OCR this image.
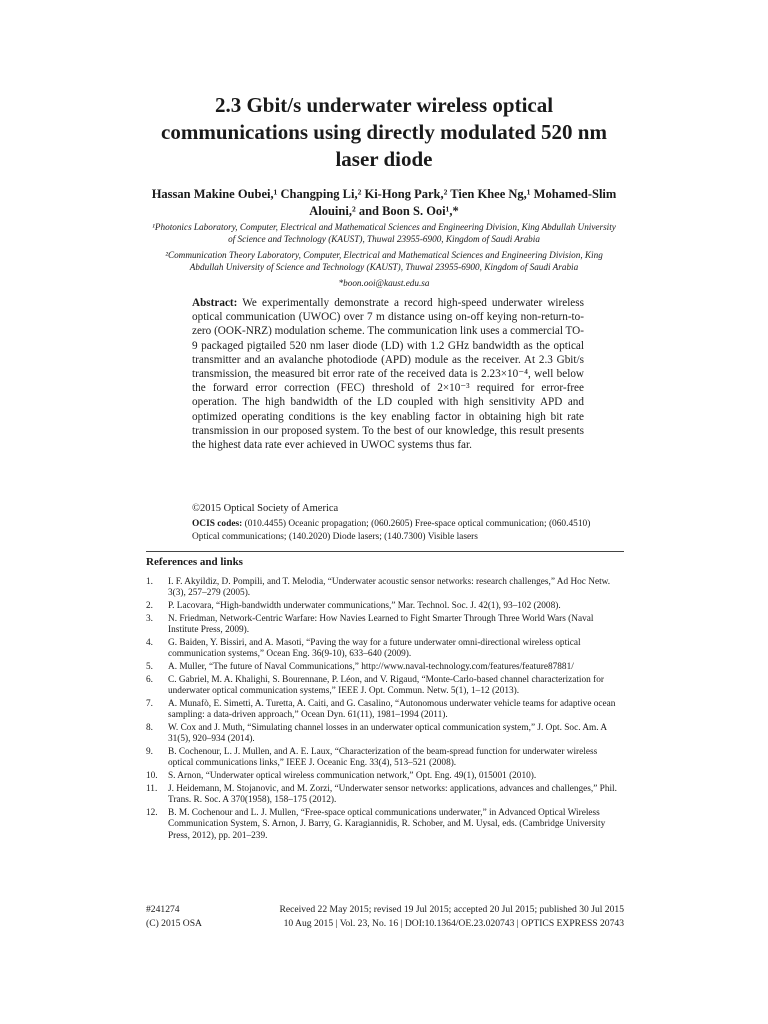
2.3 Gbit/s underwater wireless optical communications using directly modulated 520 nm laser diode
Hassan Makine Oubei,¹ Changping Li,² Ki-Hong Park,² Tien Khee Ng,¹ Mohamed-Slim Alouini,² and Boon S. Ooi¹,*
¹Photonics Laboratory, Computer, Electrical and Mathematical Sciences and Engineering Division, King Abdullah University of Science and Technology (KAUST), Thuwal 23955-6900, Kingdom of Saudi Arabia
²Communication Theory Laboratory, Computer, Electrical and Mathematical Sciences and Engineering Division, King Abdullah University of Science and Technology (KAUST), Thuwal 23955-6900, Kingdom of Saudi Arabia
*boon.ooi@kaust.edu.sa
Abstract: We experimentally demonstrate a record high-speed underwater wireless optical communication (UWOC) over 7 m distance using on-off keying non-return-to-zero (OOK-NRZ) modulation scheme. The communication link uses a commercial TO-9 packaged pigtailed 520 nm laser diode (LD) with 1.2 GHz bandwidth as the optical transmitter and an avalanche photodiode (APD) module as the receiver. At 2.3 Gbit/s transmission, the measured bit error rate of the received data is 2.23×10⁻⁴, well below the forward error correction (FEC) threshold of 2×10⁻³ required for error-free operation. The high bandwidth of the LD coupled with high sensitivity APD and optimized operating conditions is the key enabling factor in obtaining high bit rate transmission in our proposed system. To the best of our knowledge, this result presents the highest data rate ever achieved in UWOC systems thus far.
©2015 Optical Society of America
OCIS codes: (010.4455) Oceanic propagation; (060.2605) Free-space optical communication; (060.4510) Optical communications; (140.2020) Diode lasers; (140.7300) Visible lasers
References and links
1. I. F. Akyildiz, D. Pompili, and T. Melodia, “Underwater acoustic sensor networks: research challenges,” Ad Hoc Netw. 3(3), 257–279 (2005).
2. P. Lacovara, “High-bandwidth underwater communications,” Mar. Technol. Soc. J. 42(1), 93–102 (2008).
3. N. Friedman, Network-Centric Warfare: How Navies Learned to Fight Smarter Through Three World Wars (Naval Institute Press, 2009).
4. G. Baiden, Y. Bissiri, and A. Masoti, “Paving the way for a future underwater omni-directional wireless optical communication systems,” Ocean Eng. 36(9-10), 633–640 (2009).
5. A. Muller, “The future of Naval Communications,” http://www.naval-technology.com/features/feature87881/
6. C. Gabriel, M. A. Khalighi, S. Bourennane, P. Léon, and V. Rigaud, “Monte-Carlo-based channel characterization for underwater optical communication systems,” IEEE J. Opt. Commun. Netw. 5(1), 1–12 (2013).
7. A. Munafò, E. Simetti, A. Turetta, A. Caiti, and G. Casalino, “Autonomous underwater vehicle teams for adaptive ocean sampling: a data-driven approach,” Ocean Dyn. 61(11), 1981–1994 (2011).
8. W. Cox and J. Muth, “Simulating channel losses in an underwater optical communication system,” J. Opt. Soc. Am. A 31(5), 920–934 (2014).
9. B. Cochenour, L. J. Mullen, and A. E. Laux, “Characterization of the beam-spread function for underwater wireless optical communications links,” IEEE J. Oceanic Eng. 33(4), 513–521 (2008).
10. S. Arnon, “Underwater optical wireless communication network,” Opt. Eng. 49(1), 015001 (2010).
11. J. Heidemann, M. Stojanovic, and M. Zorzi, “Underwater sensor networks: applications, advances and challenges,” Phil. Trans. R. Soc. A 370(1958), 158–175 (2012).
12. B. M. Cochenour and L. J. Mullen, “Free-space optical communications underwater,” in Advanced Optical Wireless Communication System, S. Arnon, J. Barry, G. Karagiannidis, R. Schober, and M. Uysal, eds. (Cambridge University Press, 2012), pp. 201–239.
#241274
(C) 2015 OSA
Received 22 May 2015; revised 19 Jul 2015; accepted 20 Jul 2015; published 30 Jul 2015
10 Aug 2015 | Vol. 23, No. 16 | DOI:10.1364/OE.23.020743 | OPTICS EXPRESS 20743
